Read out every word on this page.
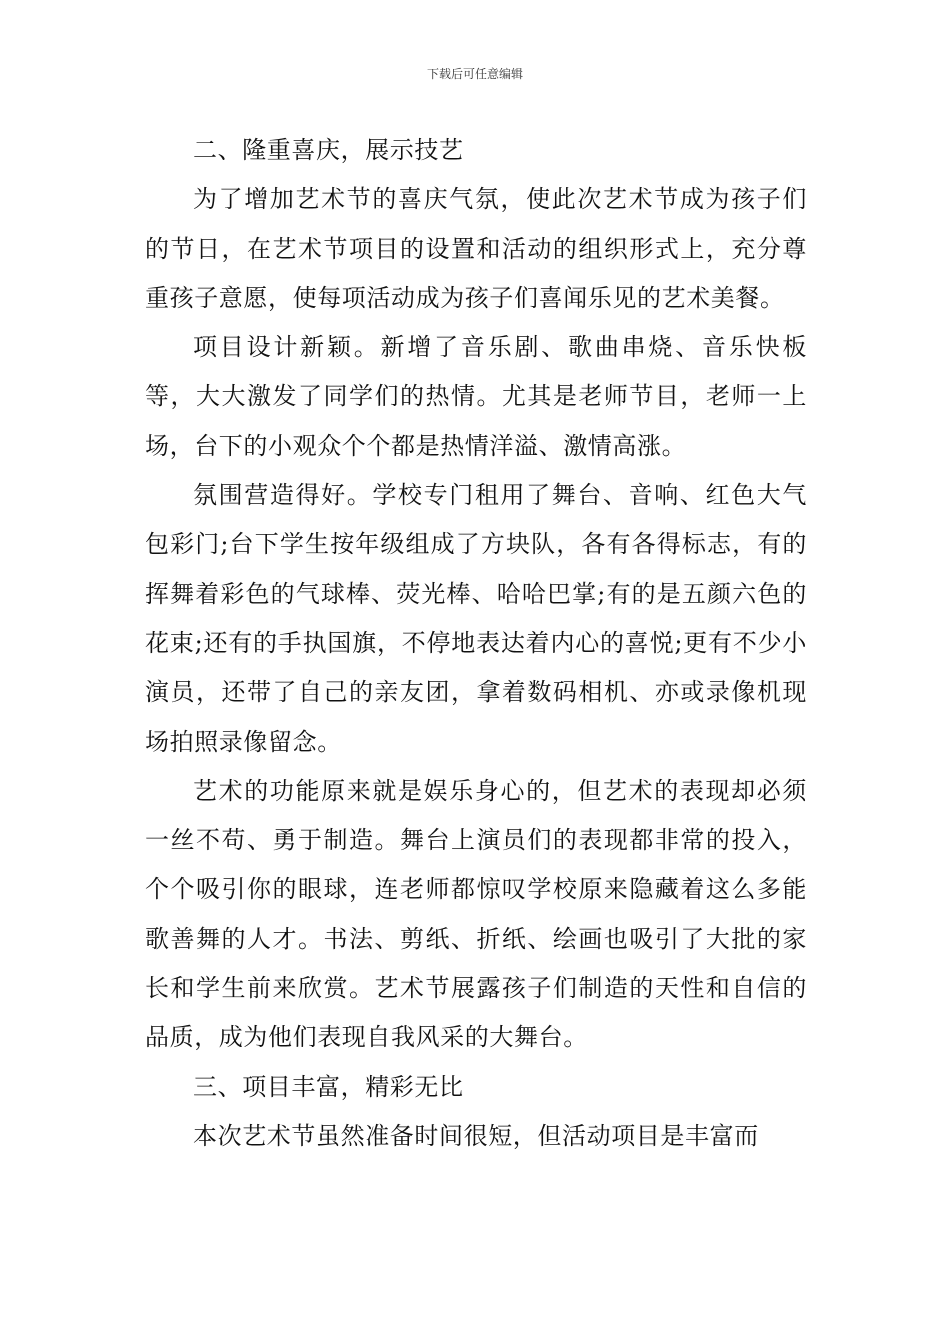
下载后可任意编辑

二、隆重喜庆，展示技艺

为了增加艺术节的喜庆气氛，使此次艺术节成为孩子们的节日，在艺术节项目的设置和活动的组织形式上，充分尊重孩子意愿，使每项活动成为孩子们喜闻乐见的艺术美餐。

项目设计新颖。新增了音乐剧、歌曲串烧、音乐快板等，大大激发了同学们的热情。尤其是老师节目，老师一上场，台下的小观众个个都是热情洋溢、激情高涨。

氛围营造得好。学校专门租用了舞台、音响、红色大气包彩门;台下学生按年级组成了方块队，各有各得标志，有的挥舞着彩色的气球棒、荧光棒、哈哈巴掌;有的是五颜六色的花束;还有的手执国旗，不停地表达着内心的喜悦;更有不少小演员，还带了自己的亲友团，拿着数码相机、亦或录像机现场拍照录像留念。

艺术的功能原来就是娱乐身心的，但艺术的表现却必须一丝不苟、勇于制造。舞台上演员们的表现都非常的投入，个个吸引你的眼球，连老师都惊叹学校原来隐藏着这么多能歌善舞的人才。书法、剪纸、折纸、绘画也吸引了大批的家长和学生前来欣赏。艺术节展露孩子们制造的天性和自信的品质，成为他们表现自我风采的大舞台。

三、项目丰富，精彩无比

本次艺术节虽然准备时间很短，但活动项目是丰富而
